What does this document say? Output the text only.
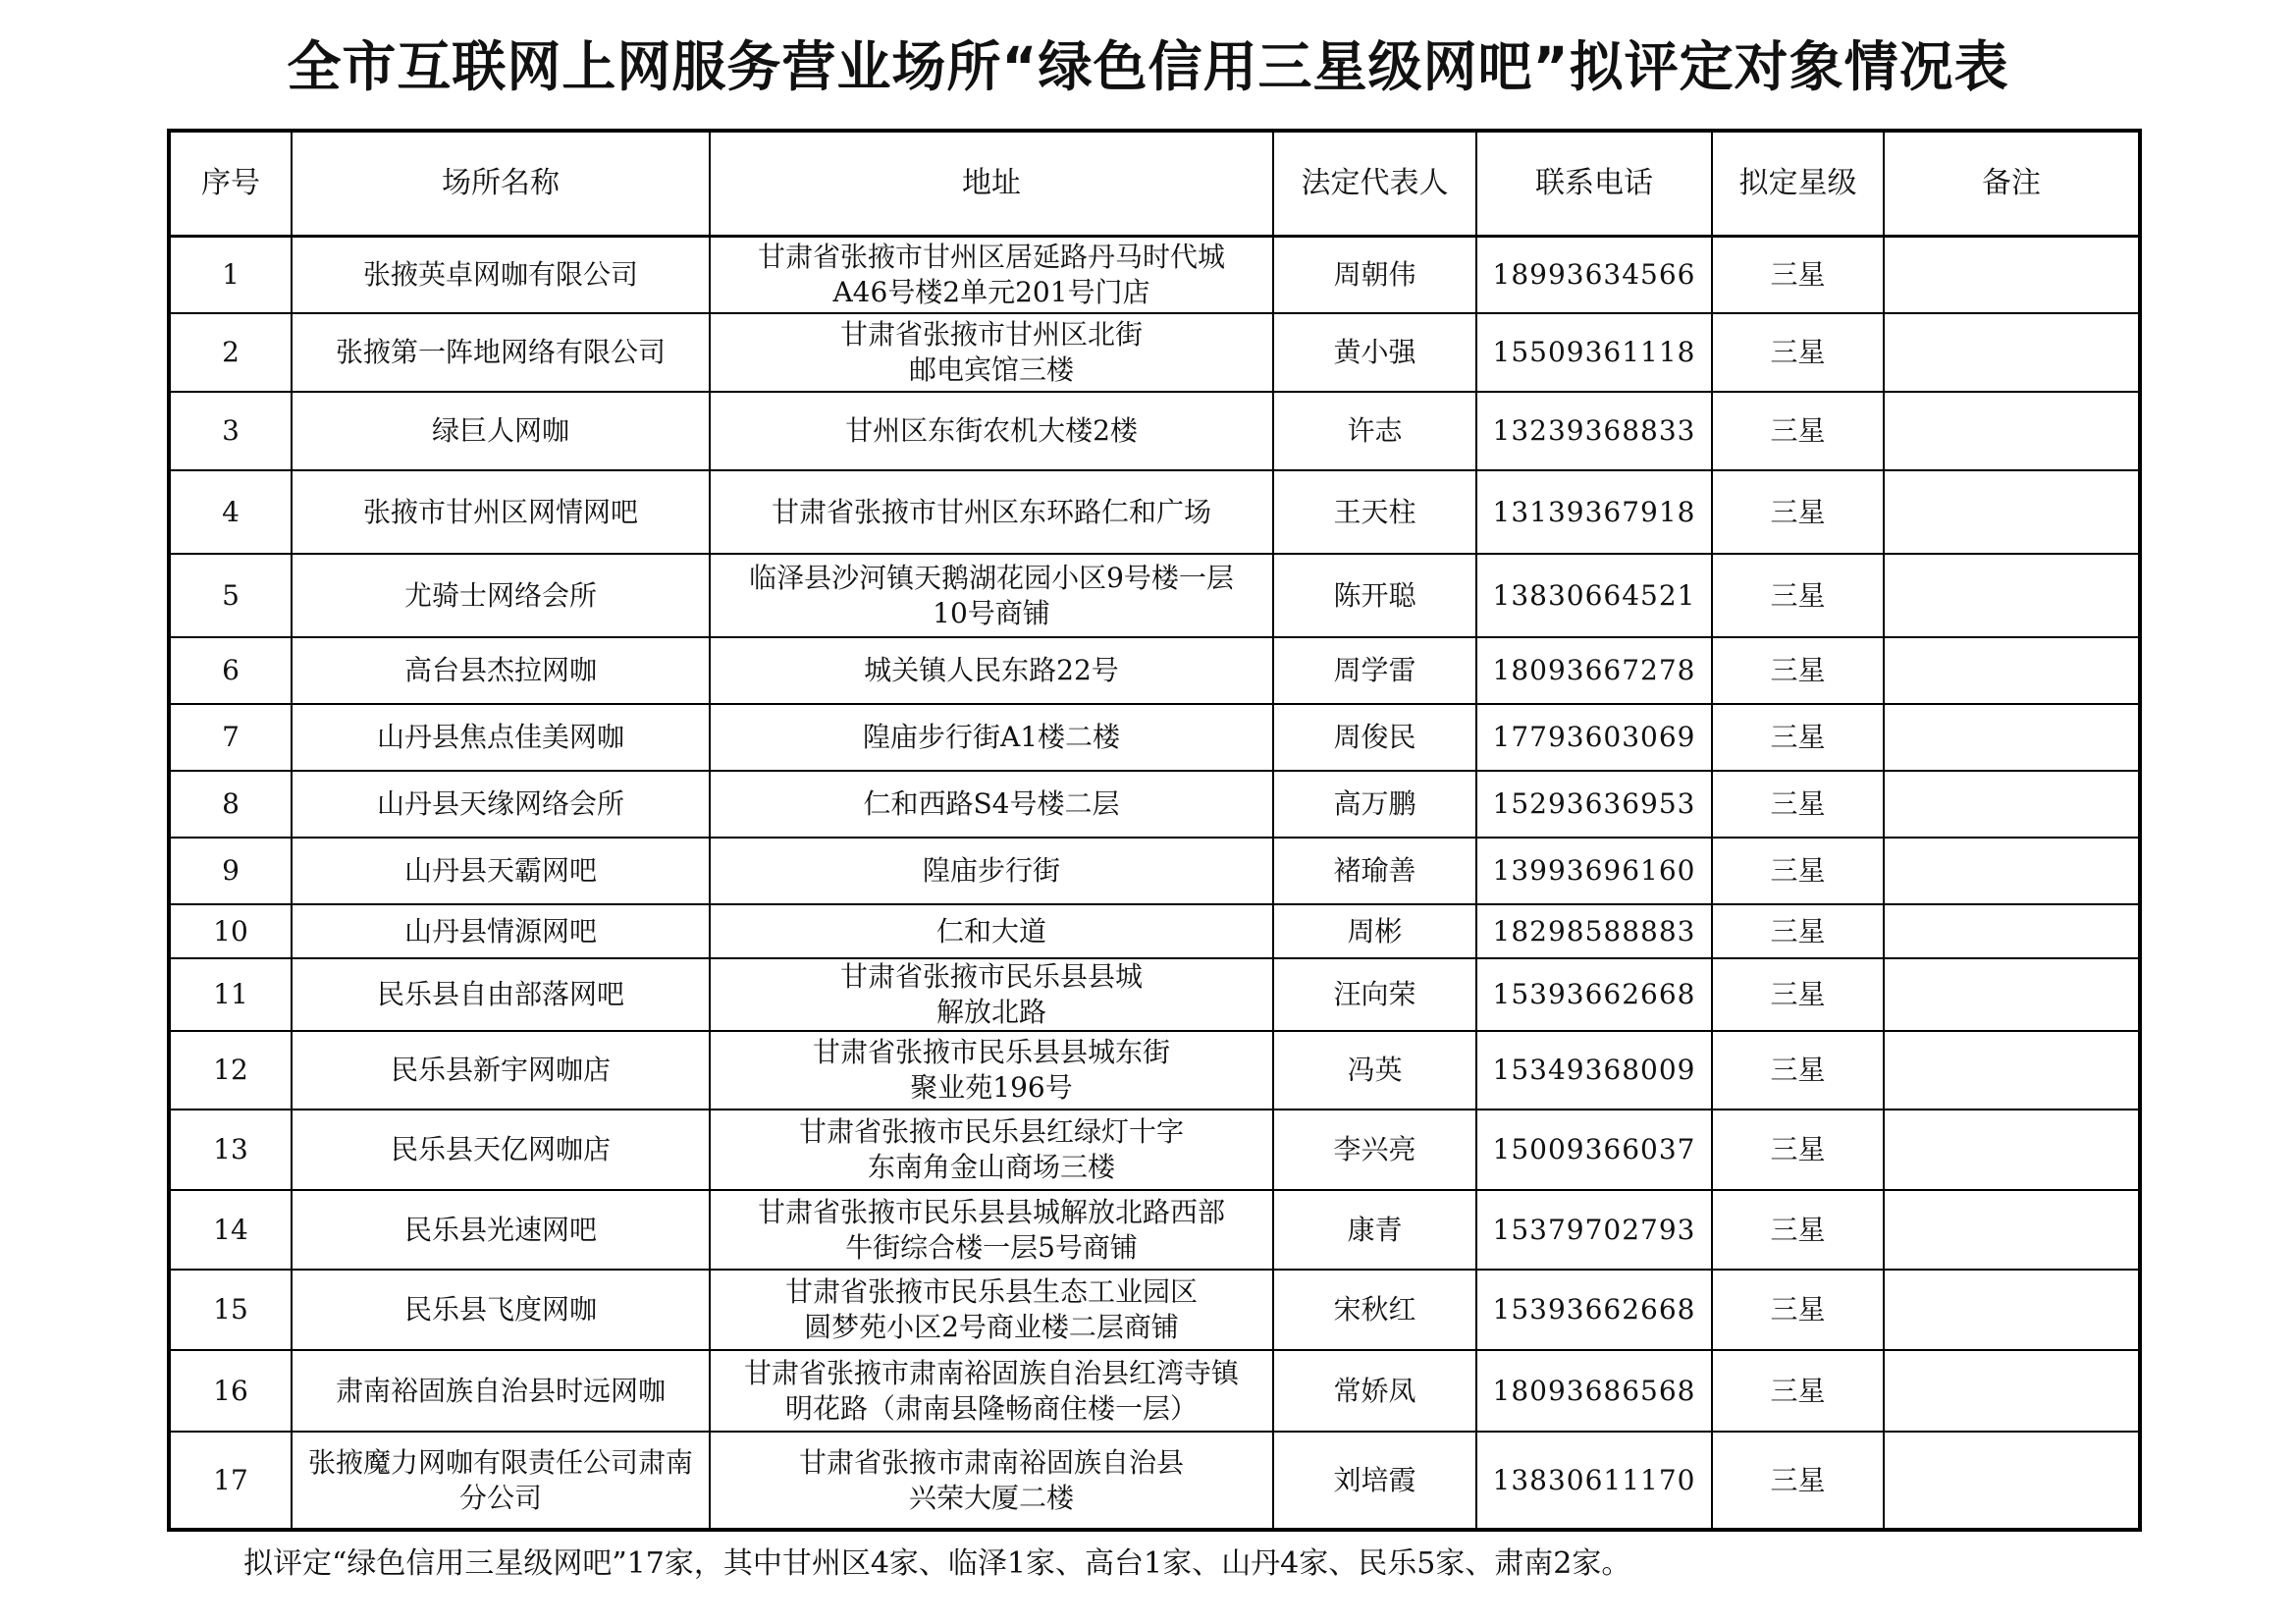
全市互联网上网服务营业场所“绿色信用三星级网吧”拟评定对象情况表
序号	场所名称	地址	法定代表人	联系电话	拟定星级	备注
1	张掖英卓网咖有限公司	甘肃省张掖市甘州区居延路丹马时代城
A46号楼2单元201号门店	周朝伟	18993634566	三星	
2	张掖第一阵地网络有限公司	甘肃省张掖市甘州区北街
邮电宾馆三楼	黄小强	15509361118	三星	
3	绿巨人网咖	甘州区东街农机大楼2楼	许志	13239368833	三星	
4	张掖市甘州区网情网吧	甘肃省张掖市甘州区东环路仁和广场	王天柱	13139367918	三星	
5	尤骑士网络会所	临泽县沙河镇天鹅湖花园小区9号楼一层
10号商铺	陈开聪	13830664521	三星	
6	高台县杰拉网咖	城关镇人民东路22号	周学雷	18093667278	三星	
7	山丹县焦点佳美网咖	隍庙步行街A1楼二楼	周俊民	17793603069	三星	
8	山丹县天缘网络会所	仁和西路S4号楼二层	高万鹏	15293636953	三星	
9	山丹县天霸网吧	隍庙步行街	褚瑜善	13993696160	三星	
10	山丹县情源网吧	仁和大道	周彬	18298588883	三星	
11	民乐县自由部落网吧	甘肃省张掖市民乐县县城
解放北路	汪向荣	15393662668	三星	
12	民乐县新宇网咖店	甘肃省张掖市民乐县县城东街
聚业苑196号	冯英	15349368009	三星	
13	民乐县天亿网咖店	甘肃省张掖市民乐县红绿灯十字
东南角金山商场三楼	李兴亮	15009366037	三星	
14	民乐县光速网吧	甘肃省张掖市民乐县县城解放北路西部
牛街综合楼一层5号商铺	康青	15379702793	三星	
15	民乐县飞度网咖	甘肃省张掖市民乐县生态工业园区
圆梦苑小区2号商业楼二层商铺	宋秋红	15393662668	三星	
16	肃南裕固族自治县时远网咖	甘肃省张掖市肃南裕固族自治县红湾寺镇
明花路（肃南县隆畅商住楼一层）	常娇凤	18093686568	三星	
17	张掖魔力网咖有限责任公司肃南分公司	甘肃省张掖市肃南裕固族自治县
兴荣大厦二楼	刘培霞	13830611170	三星	
拟评定“绿色信用三星级网吧”17家，其中甘州区4家、临泽1家、高台1家、山丹4家、民乐5家、肃南2家。
